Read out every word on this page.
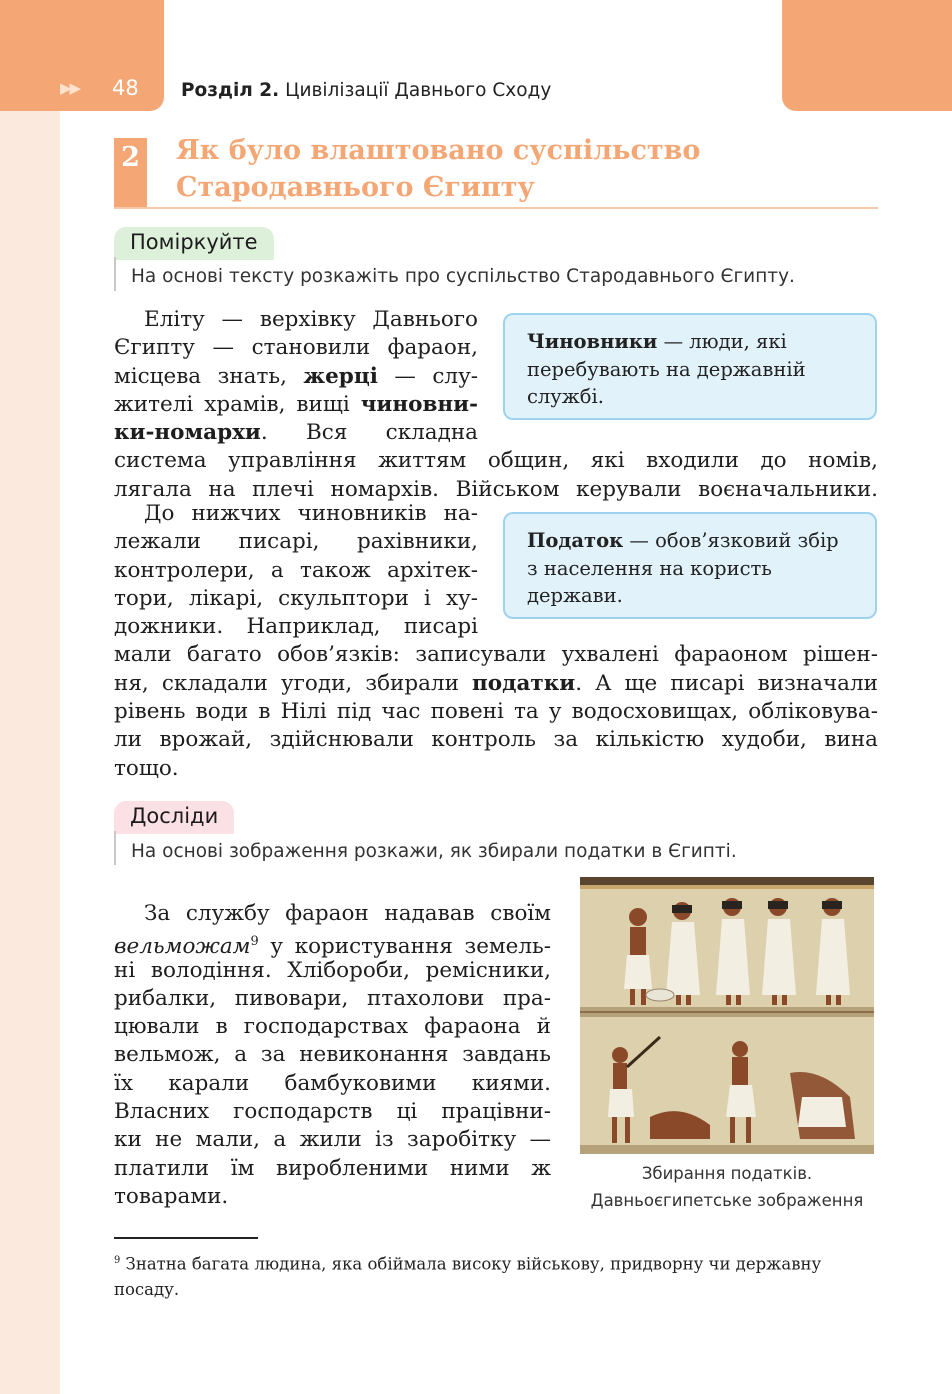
▶▶ 48 Розділ 2. Цивілізації Давнього Сходу
2 Як було влаштовано суспільство
Стародавнього Єгипту
Поміркуйте
На основі тексту розкажіть про суспільство Стародавнього Єгипту.
Еліту — верхівку Давнього
Єгипту — становили фараон,
місцева знать, жерці — слу-
жителі храмів, вищі чиновни-
ки-номархи. Вся складна
система управління життям общин, які входили до номів,
лягала на плечі номархів. Військом керували воєначальники.
Чиновники — люди, які перебувають на державній службі.
До нижчих чиновників на-
лежали писарі, рахівники,
контролери, а також архітек-
тори, лікарі, скульптори і ху-
дожники. Наприклад, писарі
мали багато обов’язків: записували ухвалені фараоном рішен-
ня, складали угоди, збирали податки. А ще писарі визначали
рівень води в Нілі під час повені та у водосховищах, обліковува-
ли врожай, здійснювали контроль за кількістю худоби, вина
тощо.
Податок — обов’язковий збір з населення на користь держави.
Дослiди
На основі зображення розкажи, як збирали податки в Єгипті.
За службу фараон надавав своїм
вельможам$^9$ у користування земель-
ні володіння. Хлібороби, ремісники,
рибалки, пивовари, птахолови пра-
цювали в господарствах фараона й
вельмож, а за невиконання завдань
їх карали бамбуковими киями.
Власних господарств ці працівни-
ки не мали, а жили із заробітку —
платили їм виробленими ними ж
товарами.
Збирання податків.
Давньоєгипетське зображення
$^9$ Знатна багата людина, яка обіймала високу військову, придворну чи державну посаду.
